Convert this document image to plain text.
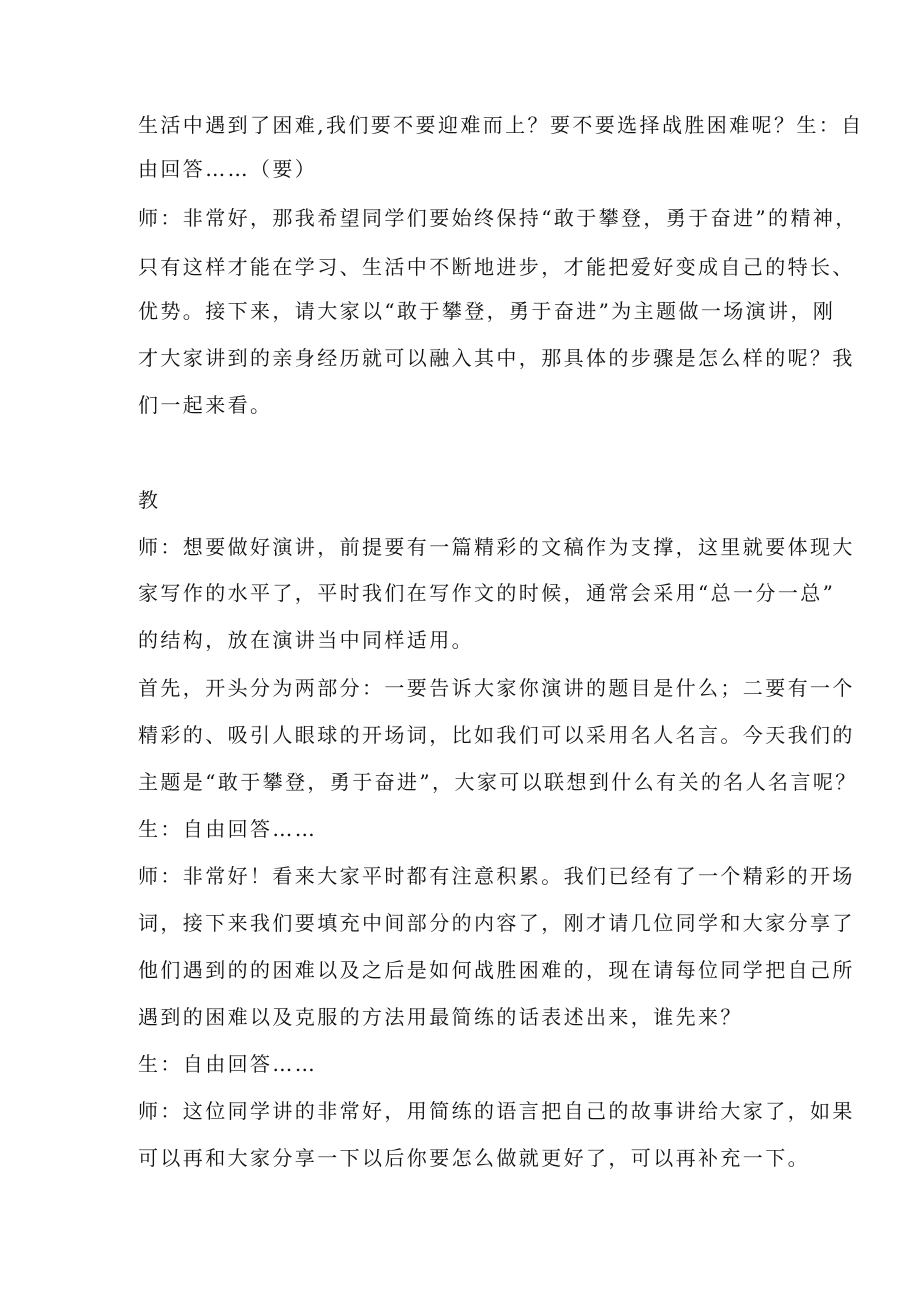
生活中遇到了困难,我们要不要迎难而上？要不要选择战胜困难呢？生：自
由回答……（要）
师：非常好，那我希望同学们要始终保持“敢于攀登，勇于奋进”的精神，
只有这样才能在学习、生活中不断地进步，才能把爱好变成自己的特长、
优势。接下来，请大家以“敢于攀登，勇于奋进”为主题做一场演讲，刚
才大家讲到的亲身经历就可以融入其中，那具体的步骤是怎么样的呢？我
们一起来看。
教
师：想要做好演讲，前提要有一篇精彩的文稿作为支撑，这里就要体现大
家写作的水平了，平时我们在写作文的时候，通常会采用“总一分一总”
的结构，放在演讲当中同样适用。
首先，开头分为两部分：一要告诉大家你演讲的题目是什么；二要有一个
精彩的、吸引人眼球的开场词，比如我们可以采用名人名言。今天我们的
主题是“敢于攀登，勇于奋进”，大家可以联想到什么有关的名人名言呢？
生：自由回答……
师：非常好！看来大家平时都有注意积累。我们已经有了一个精彩的开场
词，接下来我们要填充中间部分的内容了，刚才请几位同学和大家分享了
他们遇到的的困难以及之后是如何战胜困难的，现在请每位同学把自己所
遇到的困难以及克服的方法用最简练的话表述出来，谁先来？
生：自由回答……
师：这位同学讲的非常好，用简练的语言把自己的故事讲给大家了，如果
可以再和大家分享一下以后你要怎么做就更好了，可以再补充一下。
